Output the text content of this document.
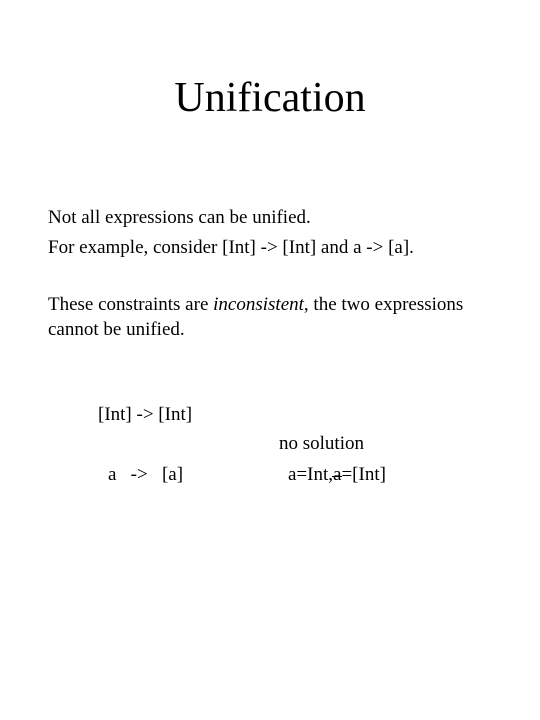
Unification
Not all expressions can be unified.
For example, consider [Int] -> [Int] and a -> [a].
These constraints are inconsistent, the two expressions
cannot be unified.
[Int] -> [Int]
a   ->   [a]
no solution
a=Int,a=[Int]
